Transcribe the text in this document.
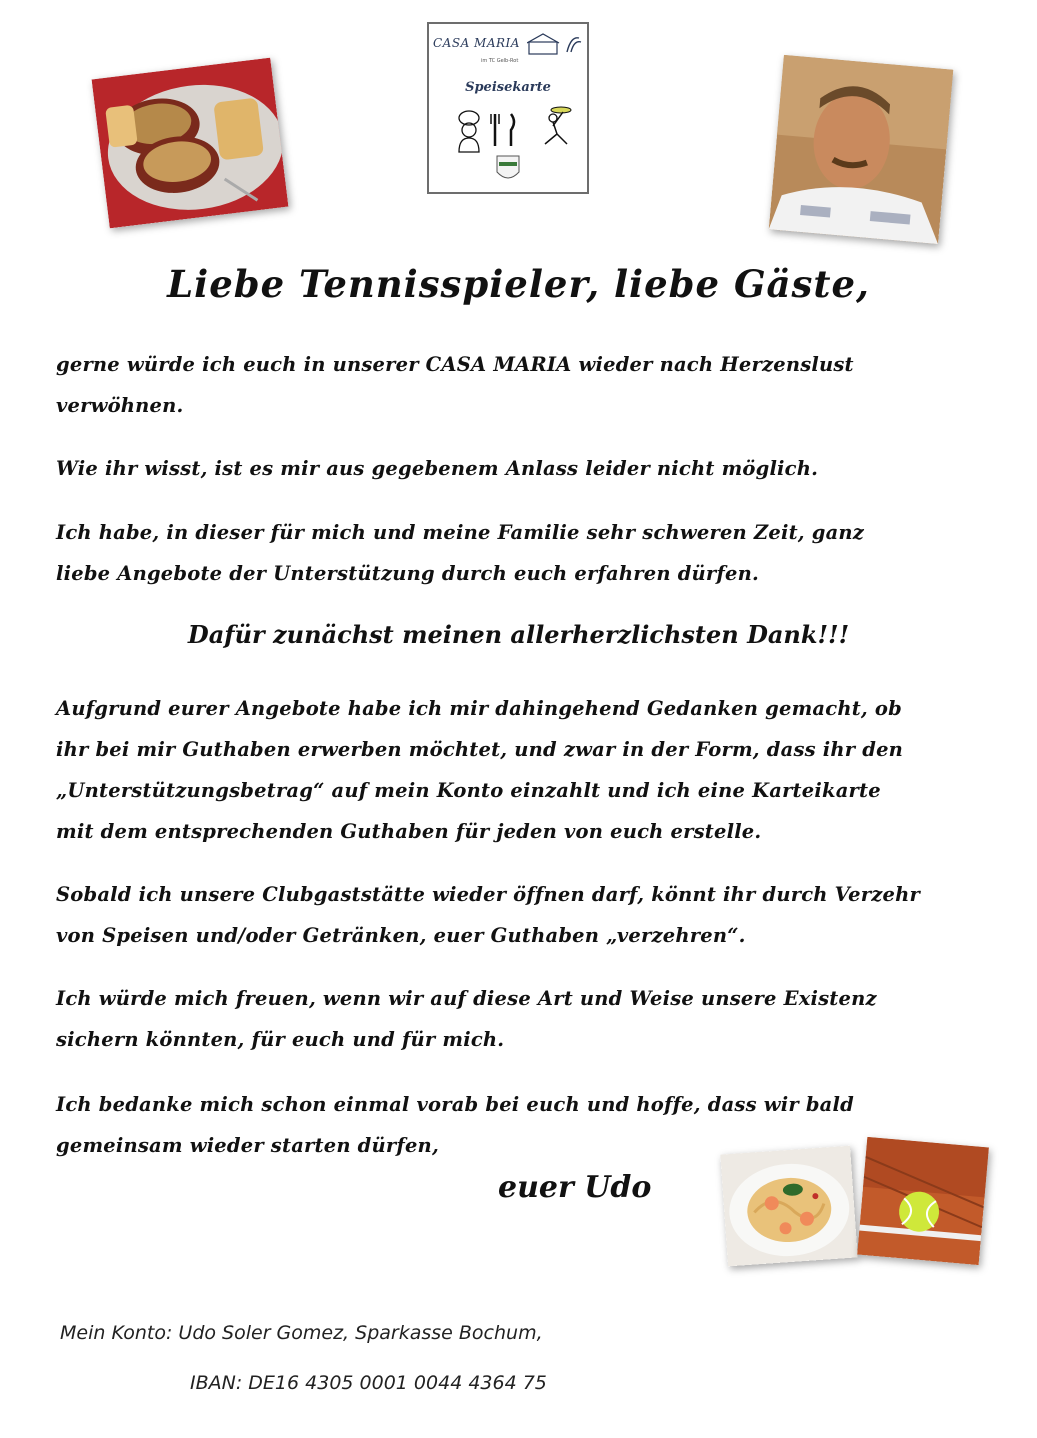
CASA MARIA
im TC Gelb-Rot
Speisekarte
Liebe Tennisspieler, liebe Gäste,
gerne würde ich euch in unserer CASA MARIA wieder nach Herzenslust
verwöhnen.
Wie ihr wisst, ist es mir aus gegebenem Anlass leider nicht möglich.
Ich habe, in dieser für mich und meine Familie sehr schweren Zeit, ganz
liebe Angebote der Unterstützung durch euch erfahren dürfen.
Dafür zunächst meinen allerherzlichsten Dank!!!
Aufgrund eurer Angebote habe ich mir dahingehend Gedanken gemacht, ob
ihr bei mir Guthaben erwerben möchtet, und zwar in der Form, dass ihr den
„Unterstützungsbetrag“ auf mein Konto einzahlt und ich eine Karteikarte
mit dem entsprechenden Guthaben für jeden von euch erstelle.
Sobald ich unsere Clubgaststätte wieder öffnen darf, könnt ihr durch Verzehr
von Speisen und/oder Getränken, euer Guthaben „verzehren“.
Ich würde mich freuen, wenn wir auf diese Art und Weise unsere Existenz
sichern könnten, für euch und für mich.
Ich bedanke mich schon einmal vorab bei euch und hoffe, dass wir bald
gemeinsam wieder starten dürfen,
euer Udo
Mein Konto: Udo Soler Gomez, Sparkasse Bochum,
IBAN: DE16 4305 0001 0044 4364 75
